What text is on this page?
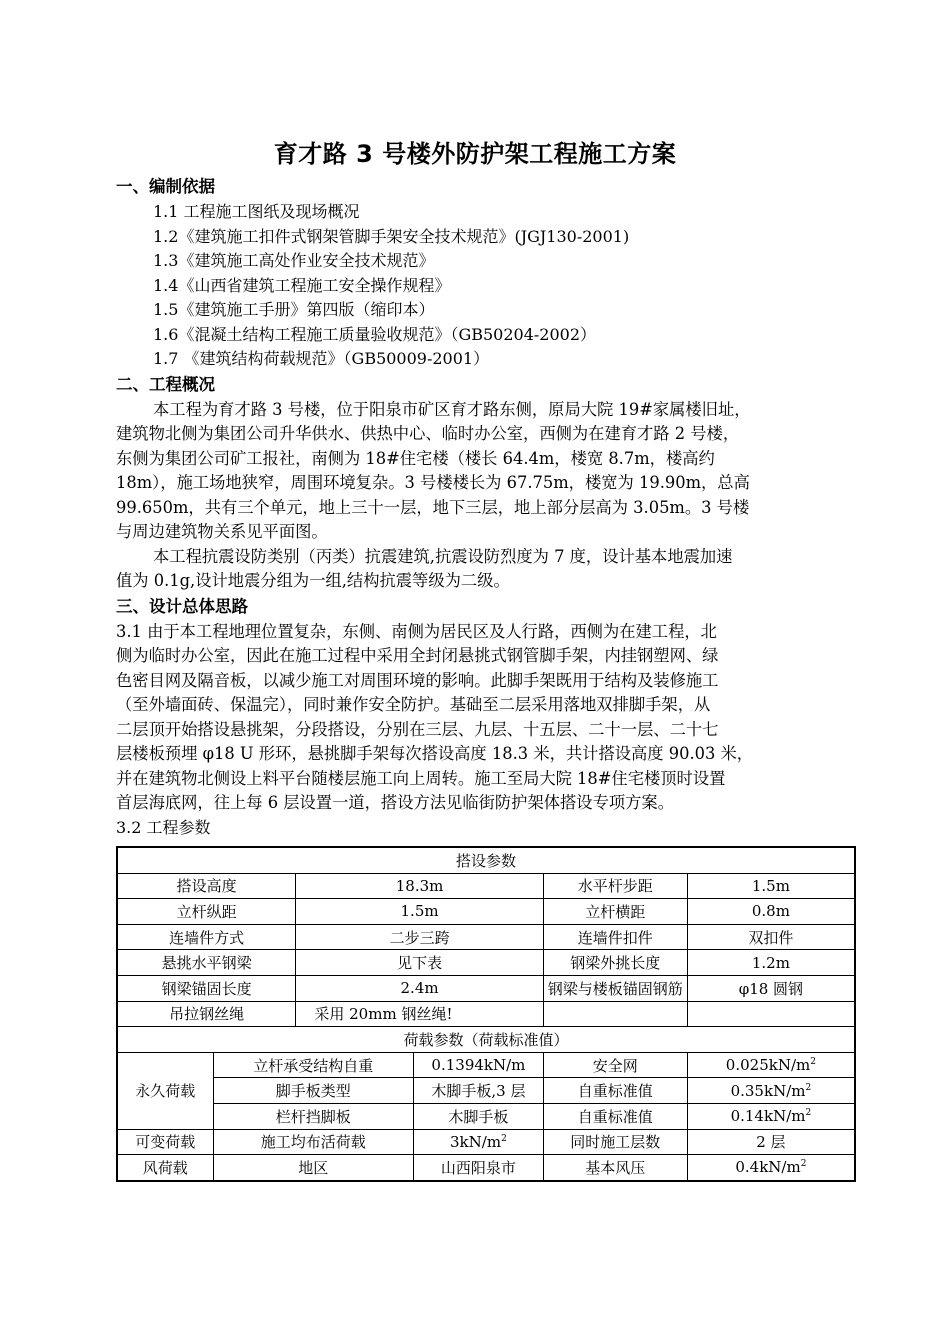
育才路 3 号楼外防护架工程施工方案
一、编制依据
1.1 工程施工图纸及现场概况
1.2《建筑施工扣件式钢架管脚手架安全技术规范》(JGJ130-2001)
1.3《建筑施工高处作业安全技术规范》
1.4《山西省建筑工程施工安全操作规程》
1.5《建筑施工手册》第四版（缩印本）
1.6《混凝土结构工程施工质量验收规范》（GB50204-2002）
1.7 《建筑结构荷载规范》（GB50009-2001）
二、工程概况
本工程为育才路 3 号楼，位于阳泉市矿区育才路东侧，原局大院 19#家属楼旧址，
建筑物北侧为集团公司升华供水、供热中心、临时办公室，西侧为在建育才路 2 号楼，
东侧为集团公司矿工报社，南侧为 18#住宅楼（楼长 64.4m，楼宽 8.7m，楼高约
18m），施工场地狭窄，周围环境复杂。3 号楼楼长为 67.75m，楼宽为 19.90m，总高
99.650m，共有三个单元，地上三十一层，地下三层，地上部分层高为 3.05m。3 号楼
与周边建筑物关系见平面图。
本工程抗震设防类别（丙类）抗震建筑,抗震设防烈度为 7 度，设计基本地震加速
值为 0.1g,设计地震分组为一组,结构抗震等级为二级。
三、设计总体思路
3.1 由于本工程地理位置复杂，东侧、南侧为居民区及人行路，西侧为在建工程，北
侧为临时办公室，因此在施工过程中采用全封闭悬挑式钢管脚手架，内挂钢塑网、绿
色密目网及隔音板，以减少施工对周围环境的影响。此脚手架既用于结构及装修施工
（至外墙面砖、保温完），同时兼作安全防护。基础至二层采用落地双排脚手架，从
二层顶开始搭设悬挑架，分段搭设，分别在三层、九层、十五层、二十一层、二十七
层楼板预埋 φ18 U 形环，悬挑脚手架每次搭设高度 18.3 米，共计搭设高度 90.03 米，
并在建筑物北侧设上料平台随楼层施工向上周转。施工至局大院 18#住宅楼顶时设置
首层海底网，往上每 6 层设置一道，搭设方法见临街防护架体搭设专项方案。
3.2 工程参数
搭设参数					
搭设高度		18.3m		水平杆步距	1.5m
立杆纵距		1.5m		立杆横距	0.8m
连墙件方式		二步三跨		连墙件扣件	双扣件
悬挑水平钢梁		见下表		钢梁外挑长度	1.2m
钢梁锚固长度		2.4m		钢梁与楼板锚固钢筋	φ18 圆钢
吊拉钢丝绳		采用 20mm 钢丝绳!			
荷载参数（荷载标准值）					
永久荷载	立杆承受结构自重		0.1394kN/m	安全网	$0.025kN/m^2$
	脚手板类型		木脚手板,3 层	自重标准值	$0.35kN/m^2$
	栏杆挡脚板		木脚手板	自重标准值	$0.14kN/m^2$
可变荷载	施工均布活荷载		$3kN/m^2$	同时施工层数	2 层
风荷载	地区		山西阳泉市	基本风压	$0.4kN/m^2$
